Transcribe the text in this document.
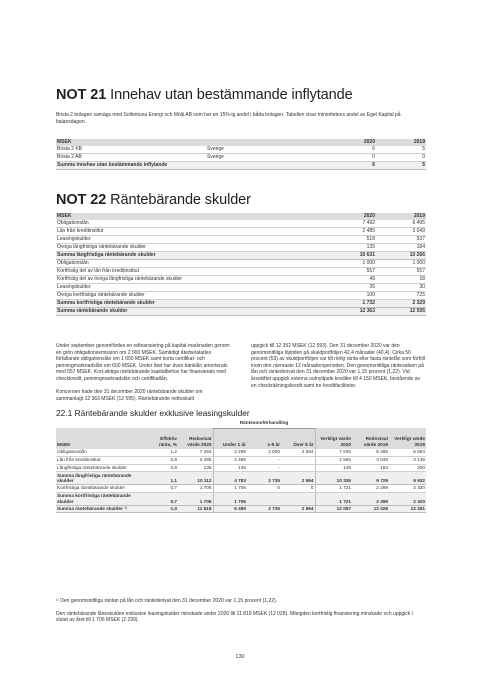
NOT 21 Innehav utan bestämmande inflytande
Brista 2 bolagen samägs med Sollentuna Energi och Mölji AB som har en 15%-ig andel i båda bolagen. Tabellen visar minoritetens andel av Eget Kapital på balansdagen.
MSEK		2020	2019
Brista 2 KB	Sverige	6	5
Brista 2 AB	Sverige	0	0
Summa innehav utan bestämmande inflytande		6	5
NOT 22 Räntebärande skulder
MSEK	2020	2019
Obligationslån	7 492	6 495
Lån från kreditinstitut	2 485	3 049
Leasingskulder	518	537
Övriga långfristiga räntebärande skulder	135	184
Summa långfristiga räntebärande skulder	10 631	10 266
Obligationslån	1 000	1 000
Kortfristig del av lån från kreditinstitut	557	557
Kortfristig del av övriga långfristiga räntebärande skulder	49	18
Leasingskulder	26	30
Övriga kortfristiga räntebärande skulder	100	725
Summa kortfristiga räntebärande skulder	1 732	2 329
Summa räntebärande skulder	12 363	12 595

Under september genomfördes en refinansiering på kapital-marknaden genom en grön obligationsemission om 2 000 MSEK. Samtidigt återbetalades förfallande obligationslån om 1 000 MSEK samt korta certifikat- och penningmarknadslån om 600 MSEK. Under året har även banklån amorterats med 557 MSEK. Kort-siktiga räntebärande kapitalbehov har finansierats med checkkredit, penningmarknadslån och certifikatlån.

Koncernen hade den 31 december 2020 räntebärande skulder om sammanlagt 12 363 MSEK (12 595). Räntebärande nettoskuld

uppgick till 12 352 MSEK (12 593). Den 31 december 2020 var den genomsnittliga löptiden på skuldportföljen 42,4 månader (40,4). Cirka 50 procent (53) av skuldportföljen var till rörlig ränta eller fasta räntelån som förföll inom den närmaste 12 månadersperioden. Den genomsnittliga räntesatsen på lån och räntederivat den 31 december 2020 var 1,15 procent (1,22). Vid årsskiftet uppgick externa outnyttjade krediter till 4 150 MSEK, bestående av en checkräkningskredit samt tre kreditfaciliteter.

22.1 Räntebärande skulder exklusive leasingskulder
			Räntesomförhandling					
MSEK	Effektiv ränta, %	Redovisat värde 2020	Under 1 år	1-5 år	Över 5 år	Verkligt värde 2020	Redovisat värde 2019	Verkligt värde 2019
Obligationslån	1,2	7 492	2 299	2 600	2 594	7 635	6 495	6 593
Lån från kreditinstitut	0,8	2 485	2 485	-		2 556	3 049	3 139
Långfristiga räntebärande skulder	2,9	135	135	-		145	184	200
Summa långfristiga räntebärande skulder	1,1	10 112	4 783	2 735	2 594	10 336	9 729	9 932
Kortfristiga räntebärande skulder	0,7	1 706	1 706	0	0	1 721	2 299	2 320
Summa kortfristiga räntebärande skulder	0,7	1 706	1 706			1 721	2 299	2 320
Summa räntebärande skulder ¹⁾	1,0	11 819	6 490	2 735	2 594	12 057	12 028	12 251
¹⁾ Den genomsnittliga räntan på lån och räntederivat den 31 december 2020 var 1,15 procent (1,22).
Den räntebärande låneskulden exklusive leasingskulder minskade under 2020 till 11 819 MSEK (12 028). Mängden kortfristig finansiering minskade och uppgick i slutet av året till 1 706 MSEK (2 299).
130
